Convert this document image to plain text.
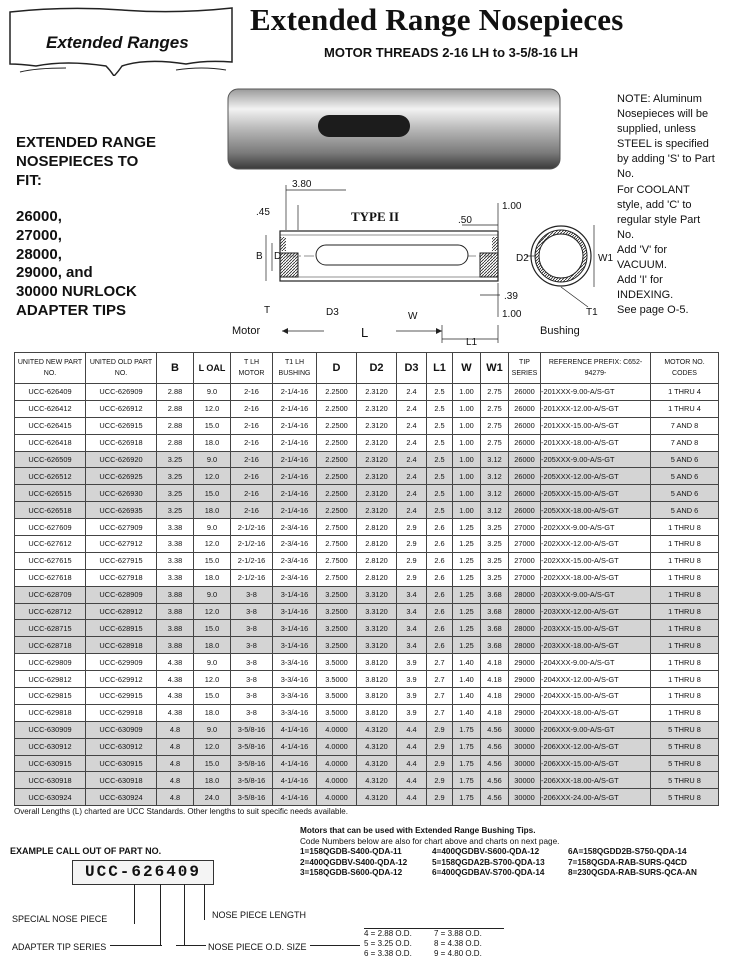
Extended Ranges
Extended Range Nosepieces
MOTOR THREADS 2-16 LH to 3-5/8-16 LH
EXTENDED RANGE
NOSEPIECES TO
FIT:
26000,
27000,
28000,
29000, and
30000 NURLOCK
ADAPTER TIPS
NOTE: Aluminum
Nosepieces will be
supplied, unless
STEEL is specified
by adding 'S' to Part
No.
For COOLANT
style, add 'C' to
regular style Part
No.
Add 'V' for
VACUUM.
Add 'I' for
INDEXING.
See page O-5.
TYPE II
3.80
.45
.50
1.00
.39
1.00
B D	D2	W1
T	D3	W	T1
L
L1
Motor	Bushing
UNITED NEW PART NO.	UNITED OLD PART NO.	B	L OAL	T LH MOTOR	T1 LH BUSHING	D	D2	D3	L1	W	W1	TIP SERIES	REFERENCE PREFIX: C652-94279-	MOTOR NO. CODES
UCC-626409	UCC-626909	2.88	9.0	2-16	2-1/4-16	2.2500	2.3120	2.4	2.5	1.00	2.75	26000	-201XXX-9.00-A/S-GT	1 THRU 4
UCC-626412	UCC-626912	2.88	12.0	2-16	2-1/4-16	2.2500	2.3120	2.4	2.5	1.00	2.75	26000	-201XXX-12.00-A/S-GT	1 THRU 4
UCC-626415	UCC-626915	2.88	15.0	2-16	2-1/4-16	2.2500	2.3120	2.4	2.5	1.00	2.75	26000	-201XXX-15.00-A/S-GT	7 AND 8
UCC-626418	UCC-626918	2.88	18.0	2-16	2-1/4-16	2.2500	2.3120	2.4	2.5	1.00	2.75	26000	-201XXX-18.00-A/S-GT	7 AND 8
UCC-626509	UCC-626920	3.25	9.0	2-16	2-1/4-16	2.2500	2.3120	2.4	2.5	1.00	3.12	26000	-205XXX-9.00-A/S-GT	5 AND 6
UCC-626512	UCC-626925	3.25	12.0	2-16	2-1/4-16	2.2500	2.3120	2.4	2.5	1.00	3.12	26000	-205XXX-12.00-A/S-GT	5 AND 6
UCC-626515	UCC-626930	3.25	15.0	2-16	2-1/4-16	2.2500	2.3120	2.4	2.5	1.00	3.12	26000	-205XXX-15.00-A/S-GT	5 AND 6
UCC-626518	UCC-626935	3.25	18.0	2-16	2-1/4-16	2.2500	2.3120	2.4	2.5	1.00	3.12	26000	-205XXX-18.00-A/S-GT	5 AND 6
UCC-627609	UCC-627909	3.38	9.0	2-1/2-16	2-3/4-16	2.7500	2.8120	2.9	2.6	1.25	3.25	27000	-202XXX-9.00-A/S-GT	1 THRU 8
UCC-627612	UCC-627912	3.38	12.0	2-1/2-16	2-3/4-16	2.7500	2.8120	2.9	2.6	1.25	3.25	27000	-202XXX-12.00-A/S-GT	1 THRU 8
UCC-627615	UCC-627915	3.38	15.0	2-1/2-16	2-3/4-16	2.7500	2.8120	2.9	2.6	1.25	3.25	27000	-202XXX-15.00-A/S-GT	1 THRU 8
UCC-627618	UCC-627918	3.38	18.0	2-1/2-16	2-3/4-16	2.7500	2.8120	2.9	2.6	1.25	3.25	27000	-202XXX-18.00-A/S-GT	1 THRU 8
UCC-628709	UCC-628909	3.88	9.0	3-8	3-1/4-16	3.2500	3.3120	3.4	2.6	1.25	3.68	28000	-203XXX-9.00-A/S-GT	1 THRU 8
UCC-628712	UCC-628912	3.88	12.0	3-8	3-1/4-16	3.2500	3.3120	3.4	2.6	1.25	3.68	28000	-203XXX-12.00-A/S-GT	1 THRU 8
UCC-628715	UCC-628915	3.88	15.0	3-8	3-1/4-16	3.2500	3.3120	3.4	2.6	1.25	3.68	28000	-203XXX-15.00-A/S-GT	1 THRU 8
UCC-628718	UCC-628918	3.88	18.0	3-8	3-1/4-16	3.2500	3.3120	3.4	2.6	1.25	3.68	28000	-203XXX-18.00-A/S-GT	1 THRU 8
UCC-629809	UCC-629909	4.38	9.0	3-8	3-3/4-16	3.5000	3.8120	3.9	2.7	1.40	4.18	29000	-204XXX-9.00-A/S-GT	1 THRU 8
UCC-629812	UCC-629912	4.38	12.0	3-8	3-3/4-16	3.5000	3.8120	3.9	2.7	1.40	4.18	29000	-204XXX-12.00-A/S-GT	1 THRU 8
UCC-629815	UCC-629915	4.38	15.0	3-8	3-3/4-16	3.5000	3.8120	3.9	2.7	1.40	4.18	29000	-204XXX-15.00-A/S-GT	1 THRU 8
UCC-629818	UCC-629918	4.38	18.0	3-8	3-3/4-16	3.5000	3.8120	3.9	2.7	1.40	4.18	29000	-204XXX-18.00-A/S-GT	1 THRU 8
UCC-630909	UCC-630909	4.8	9.0	3-5/8-16	4-1/4-16	4.0000	4.3120	4.4	2.9	1.75	4.56	30000	-206XXX-9.00-A/S-GT	5 THRU 8
UCC-630912	UCC-630912	4.8	12.0	3-5/8-16	4-1/4-16	4.0000	4.3120	4.4	2.9	1.75	4.56	30000	-206XXX-12.00-A/S-GT	5 THRU 8
UCC-630915	UCC-630915	4.8	15.0	3-5/8-16	4-1/4-16	4.0000	4.3120	4.4	2.9	1.75	4.56	30000	-206XXX-15.00-A/S-GT	5 THRU 8
UCC-630918	UCC-630918	4.8	18.0	3-5/8-16	4-1/4-16	4.0000	4.3120	4.4	2.9	1.75	4.56	30000	-206XXX-18.00-A/S-GT	5 THRU 8
UCC-630924	UCC-630924	4.8	24.0	3-5/8-16	4-1/4-16	4.0000	4.3120	4.4	2.9	1.75	4.56	30000	-206XXX-24.00-A/S-GT	5 THRU 8
Overall Lengths (L) charted are UCC Standards. Other lengths to suit specific needs available.
Motors that can be used with Extended Range Bushing Tips.
Code Numbers below are also for chart above and charts on next page.
1=158QGDB-S400-QDA-11	4=400QGDBV-S600-QDA-12	6A=158QGDD2B-S750-QDA-14
2=400QGDBV-S400-QDA-12	5=158QGDA2B-S700-QDA-13	7=158QGDA-RAB-SURS-Q4CD
3=158QGDB-S600-QDA-12	6=400QGDBAV-S700-QDA-14	8=230QGDA-RAB-SURS-QCA-AN
EXAMPLE CALL OUT OF PART NO.
UCC-626409
SPECIAL NOSE PIECE
ADAPTER TIP SERIES
NOSE PIECE LENGTH
NOSE PIECE O.D. SIZE
4 = 2.88 O.D.	7 = 3.88 O.D.
5 = 3.25 O.D.	8 = 4.38 O.D.
6 = 3.38 O.D.	9 = 4.80 O.D.
